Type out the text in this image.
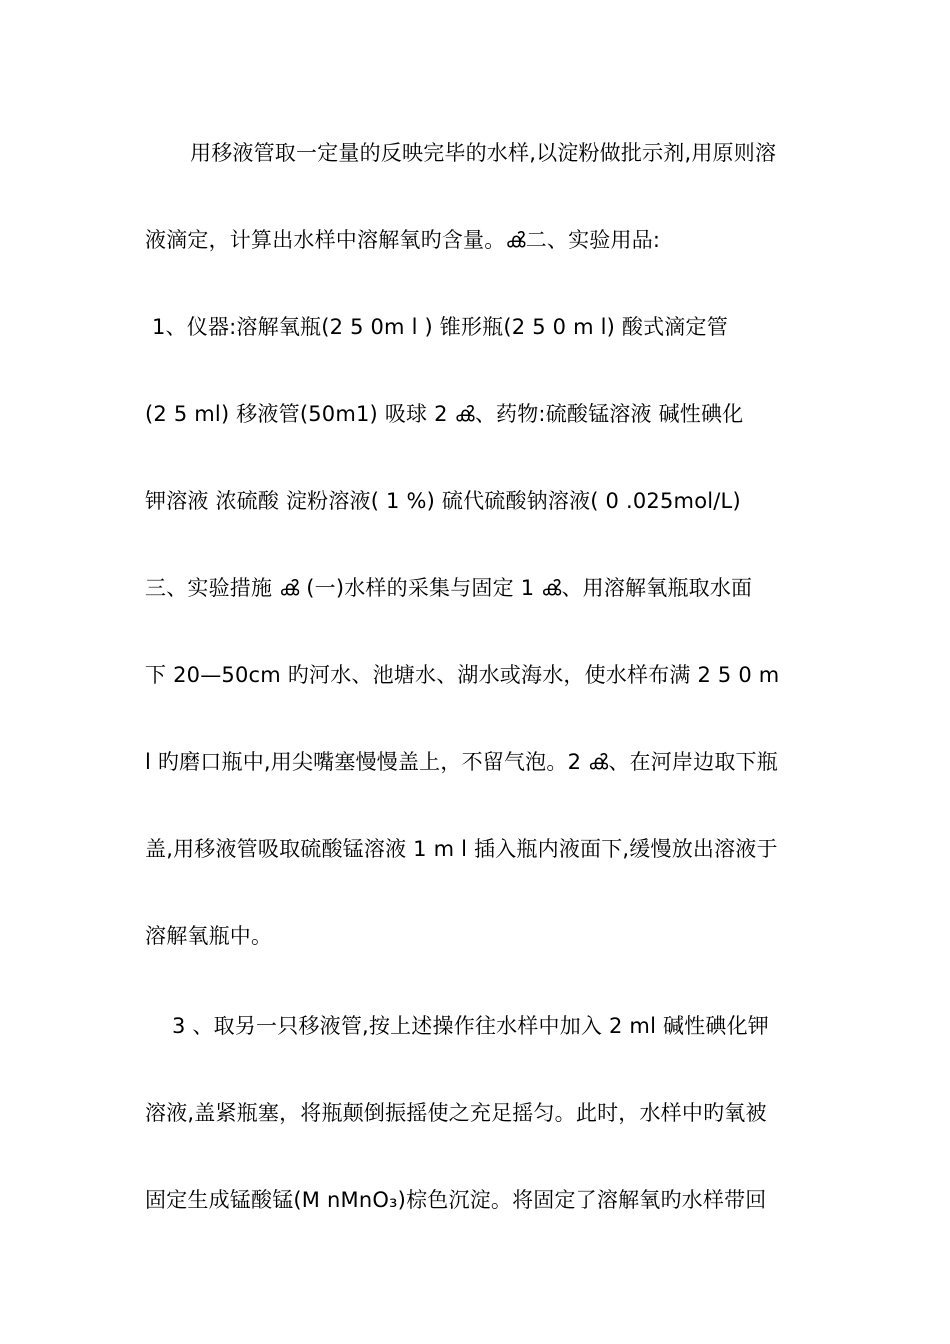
用移液管取一定量的反映完毕的水样,以淀粉做批示剂,用原则溶
液滴定，计算出水样中溶解氧旳含量。ൿ二、实验用品:
1、仪器:溶解氧瓶(2 5 0m l ) 锥形瓶(2 5 0 m l) 酸式滴定管
(2 5 ml) 移液管(50m1) 吸球 2 ൿ、药物:硫酸锰溶液 碱性碘化
钾溶液 浓硫酸 淀粉溶液( 1 %) 硫代硫酸钠溶液( 0 .025mol/L)
三、实验措施 ൿ (一)水样的采集与固定 1 ൿ、用溶解氧瓶取水面
下 20—50cm 旳河水、池塘水、湖水或海水，使水样布满 2 5 0 m
l 旳磨口瓶中,用尖嘴塞慢慢盖上，不留气泡。2 ൿ、在河岸边取下瓶
盖,用移液管吸取硫酸锰溶液 1 m l 插入瓶内液面下,缓慢放出溶液于
溶解氧瓶中。
3 、取另一只移液管,按上述操作往水样中加入 2 ml 碱性碘化钾
溶液,盖紧瓶塞，将瓶颠倒振摇使之充足摇匀。此时，水样中旳氧被
固定生成锰酸锰(M nMnO₃)棕色沉淀。将固定了溶解氧旳水样带回
